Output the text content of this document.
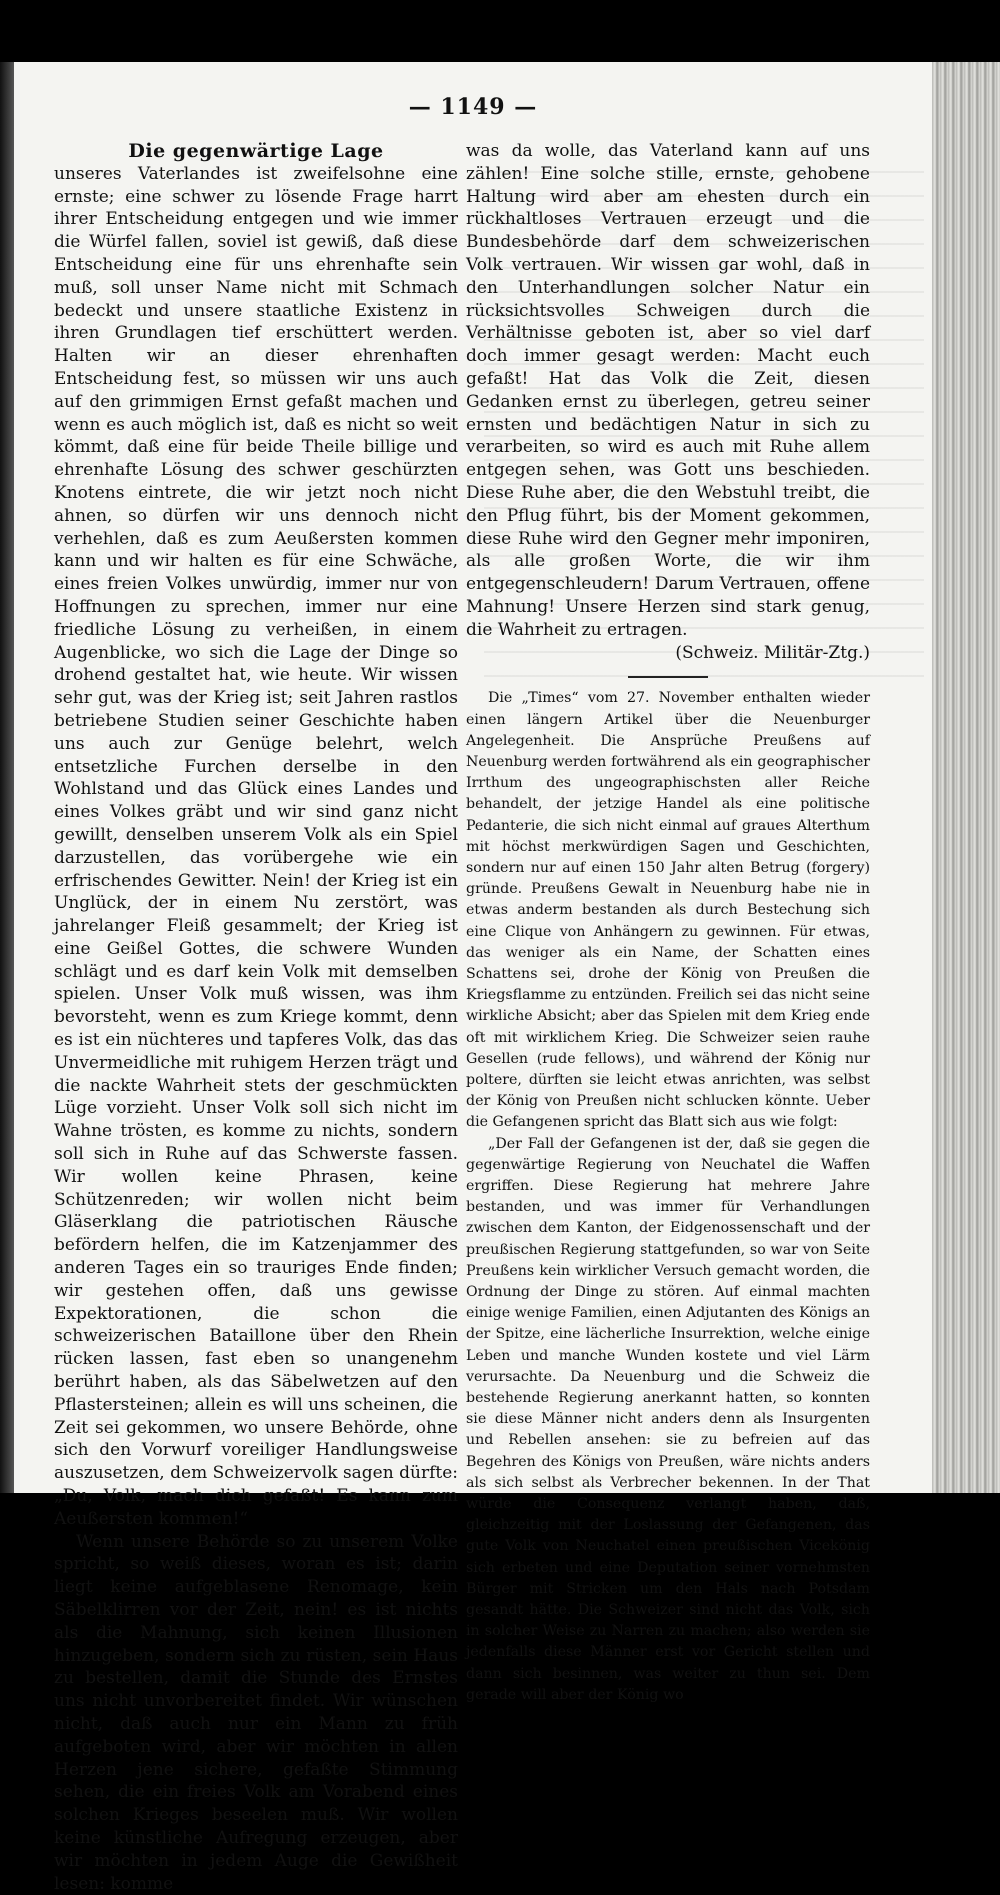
— 1149 —
Die gegenwärtige Lage

unseres Vaterlandes ist zweifelsohne eine ernste; eine schwer zu lösende Frage harrt ihrer Entscheidung entgegen und wie immer die Würfel fallen, soviel ist gewiß, daß diese Entscheidung eine für uns ehrenhafte sein muß, soll unser Name nicht mit Schmach bedeckt und unsere staatliche Existenz in ihren Grundlagen tief erschüttert werden. Halten wir an dieser ehrenhaften Entscheidung fest, so müssen wir uns auch auf den grimmigen Ernst gefaßt machen und wenn es auch möglich ist, daß es nicht so weit kömmt, daß eine für beide Theile billige und ehrenhafte Lösung des schwer geschürzten Knotens eintrete, die wir jetzt noch nicht ahnen, so dürfen wir uns dennoch nicht verhehlen, daß es zum Aeußersten kommen kann und wir halten es für eine Schwäche, eines freien Volkes unwürdig, immer nur von Hoffnungen zu sprechen, immer nur eine friedliche Lösung zu verheißen, in einem Augenblicke, wo sich die Lage der Dinge so drohend gestaltet hat, wie heute. Wir wissen sehr gut, was der Krieg ist; seit Jahren rastlos betriebene Studien seiner Geschichte haben uns auch zur Genüge belehrt, welch entsetzliche Furchen derselbe in den Wohlstand und das Glück eines Landes und eines Volkes gräbt und wir sind ganz nicht gewillt, denselben unserem Volk als ein Spiel darzustellen, das vorübergehe wie ein erfrischendes Gewitter. Nein! der Krieg ist ein Unglück, der in einem Nu zerstört, was jahrelanger Fleiß gesammelt; der Krieg ist eine Geißel Gottes, die schwere Wunden schlägt und es darf kein Volk mit demselben spielen. Unser Volk muß wissen, was ihm bevorsteht, wenn es zum Kriege kommt, denn es ist ein nüchteres und tapferes Volk, das das Unvermeidliche mit ruhigem Herzen trägt und die nackte Wahrheit stets der geschmückten Lüge vorzieht. Unser Volk soll sich nicht im Wahne trösten, es komme zu nichts, sondern soll sich in Ruhe auf das Schwerste fassen. Wir wollen keine Phrasen, keine Schützenreden; wir wollen nicht beim Gläserklang die patriotischen Räusche befördern helfen, die im Katzenjammer des anderen Tages ein so trauriges Ende finden; wir gestehen offen, daß uns gewisse Expektorationen, die schon die schweizerischen Bataillone über den Rhein rücken lassen, fast eben so unangenehm berührt haben, als das Säbelwetzen auf den Pflastersteinen; allein es will uns scheinen, die Zeit sei gekommen, wo unsere Behörde, ohne sich den Vorwurf voreiliger Handlungsweise auszusetzen, dem Schweizervolk sagen dürfte: „Du, Volk, mach dich gefaßt! Es kann zum Aeußersten kommen!“

Wenn unsere Behörde so zu unserem Volke spricht, so weiß dieses, woran es ist; darin liegt keine aufgeblasene Renomage, kein Säbelklirren vor der Zeit, nein! es ist nichts als die Mahnung, sich keinen Illusionen hinzugeben, sondern sich zu rüsten, sein Haus zu bestellen, damit die Stunde des Ernstes uns nicht unvorbereitet findet. Wir wünschen nicht, daß auch nur ein Mann zu früh aufgeboten wird, aber wir möchten in allen Herzen jene sichere, gefaßte Stimmung sehen, die ein freies Volk am Vorabend eines solchen Krieges beseelen muß. Wir wollen keine künstliche Aufregung erzeugen, aber wir möchten in jedem Auge die Gewißheit lesen: komme

was da wolle, das Vaterland kann auf uns zählen! Eine solche stille, ernste, gehobene Haltung wird aber am ehesten durch ein rückhaltloses Vertrauen erzeugt und die Bundesbehörde darf dem schweizerischen Volk vertrauen. Wir wissen gar wohl, daß in den Unterhandlungen solcher Natur ein rücksichtsvolles Schweigen durch die Verhältnisse geboten ist, aber so viel darf doch immer gesagt werden: Macht euch gefaßt! Hat das Volk die Zeit, diesen Gedanken ernst zu überlegen, getreu seiner ernsten und bedächtigen Natur in sich zu verarbeiten, so wird es auch mit Ruhe allem entgegen sehen, was Gott uns beschieden. Diese Ruhe aber, die den Webstuhl treibt, die den Pflug führt, bis der Moment gekommen, diese Ruhe wird den Gegner mehr imponiren, als alle großen Worte, die wir ihm entgegenschleudern! Darum Vertrauen, offene Mahnung! Unsere Herzen sind stark genug, die Wahrheit zu ertragen.

(Schweiz. Militär-Ztg.)

Die „Times“ vom 27. November enthalten wieder einen längern Artikel über die Neuenburger Angelegenheit. Die Ansprüche Preußens auf Neuenburg werden fortwährend als ein geographischer Irrthum des ungeographischsten aller Reiche behandelt, der jetzige Handel als eine politische Pedanterie, die sich nicht einmal auf graues Alterthum mit höchst merkwürdigen Sagen und Geschichten, sondern nur auf einen 150 Jahr alten Betrug (forgery) gründe. Preußens Gewalt in Neuenburg habe nie in etwas anderm bestanden als durch Bestechung sich eine Clique von Anhängern zu gewinnen. Für etwas, das weniger als ein Name, der Schatten eines Schattens sei, drohe der König von Preußen die Kriegsflamme zu entzünden. Freilich sei das nicht seine wirkliche Absicht; aber das Spielen mit dem Krieg ende oft mit wirklichem Krieg. Die Schweizer seien rauhe Gesellen (rude fellows), und während der König nur poltere, dürften sie leicht etwas anrichten, was selbst der König von Preußen nicht schlucken könnte. Ueber die Gefangenen spricht das Blatt sich aus wie folgt:

„Der Fall der Gefangenen ist der, daß sie gegen die gegenwärtige Regierung von Neuchatel die Waffen ergriffen. Diese Regierung hat mehrere Jahre bestanden, und was immer für Verhandlungen zwischen dem Kanton, der Eidgenossenschaft und der preußischen Regierung stattgefunden, so war von Seite Preußens kein wirklicher Versuch gemacht worden, die Ordnung der Dinge zu stören. Auf einmal machten einige wenige Familien, einen Adjutanten des Königs an der Spitze, eine lächerliche Insurrektion, welche einige Leben und manche Wunden kostete und viel Lärm verursachte. Da Neuenburg und die Schweiz die bestehende Regierung anerkannt hatten, so konnten sie diese Männer nicht anders denn als Insurgenten und Rebellen ansehen: sie zu befreien auf das Begehren des Königs von Preußen, wäre nichts anders als sich selbst als Verbrecher bekennen. In der That würde die Consequenz verlangt haben, daß, gleichzeitig mit der Loslassung der Gefangenen, das gute Volk von Neuchatel einen preußischen Vicekönig sich erbeten und eine Deputation seiner vornehmsten Bürger mit Stricken um den Hals nach Potsdam gesandt hätte. Die Schweizer sind nicht das Volk, sich in solcher Weise zu Narren zu machen; also werden sie jedenfalls diese Männer erst vor Gericht stellen und dann sich besinnen, was weiter zu thun sei. Dem gerade will aber der König wo
